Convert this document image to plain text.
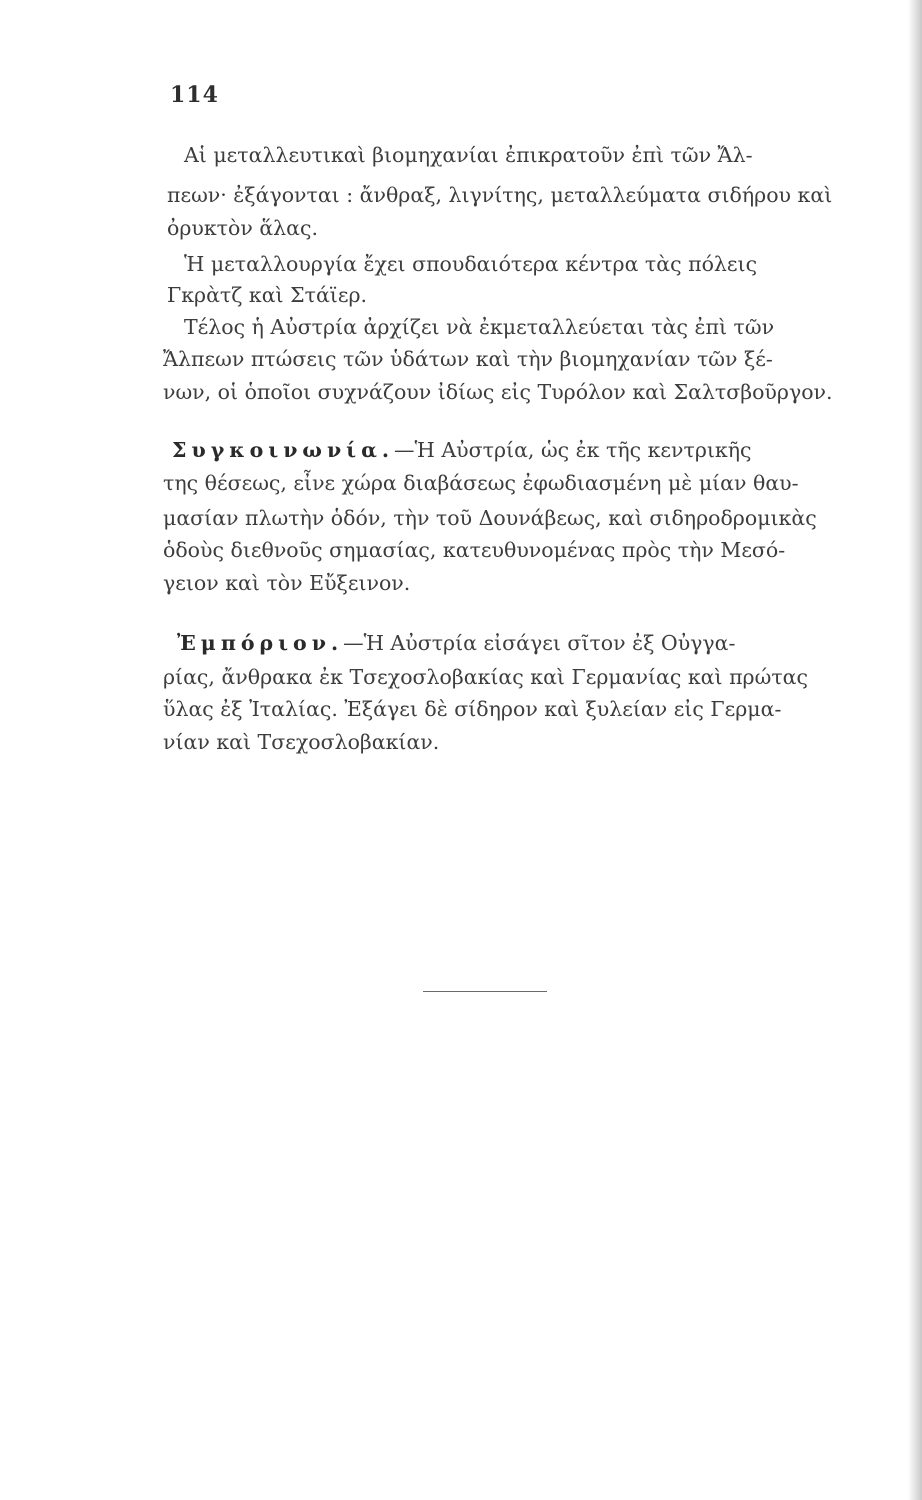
114
Αἱ μεταλλευτικαὶ βιομηχανίαι ἐπικρατοῦν ἐπὶ τῶν Ἄλ-
πεων· ἐξάγονται : ἄνθραξ, λιγνίτης, μεταλλεύματα σιδήρου καὶ
ὀρυκτὸν ἅλας.
Ἡ μεταλλουργία ἔχει σπουδαιότερα κέντρα τὰς πόλεις
Γκρὰτζ καὶ Στάϊερ.
Τέλος ἡ Αὐστρία ἀρχίζει νὰ ἐκμεταλλεύεται τὰς ἐπὶ τῶν
Ἄλπεων πτώσεις τῶν ὑδάτων καὶ τὴν βιομηχανίαν τῶν ξέ-
νων, οἱ ὁποῖοι συχνάζουν ἰδίως εἰς Τυρόλον καὶ Σαλτσβοῦργον.
Συγκοινωνία.—Ἡ Αὐστρία, ὡς ἐκ τῆς κεντρικῆς
της θέσεως, εἶνε χώρα διαβάσεως ἐφωδιασμένη μὲ μίαν θαυ-
μασίαν πλωτὴν ὁδόν, τὴν τοῦ Δουνάβεως, καὶ σιδηροδρομικὰς
ὁδοὺς διεθνοῦς σημασίας, κατευθυνομένας πρὸς τὴν Μεσό-
γειον καὶ τὸν Εὔξεινον.
Ἐμπόριον.—Ἡ Αὐστρία εἰσάγει σῖτον ἐξ Οὐγγα-
ρίας, ἄνθρακα ἐκ Τσεχοσλοβακίας καὶ Γερμανίας καὶ πρώτας
ὕλας ἐξ Ἰταλίας. Ἐξάγει δὲ σίδηρον καὶ ξυλείαν εἰς Γερμα-
νίαν καὶ Τσεχοσλοβακίαν.
